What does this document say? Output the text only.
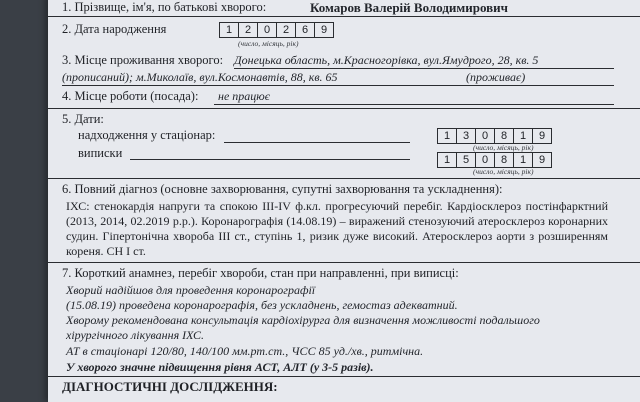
1. Прізвище, ім'я, по батькові хворого:	Комаров Валерій Володимирович
2. Дата народження	1	2	0	2	6	9
(число, місяць, рік)
3. Місце проживання хворого: Донецька область, м.Красногорівка, вул.Ямудрого, 28, кв. 5
(прописаний); м.Миколаїв, вул.Космонавтів, 88, кв. 65	(проживає)
4. Місце роботи (посада): не працює
5. Дати:
надходження у стаціонар:	1	3	0	8	1	9
(число, місяць, рік)
виписки	1	5	0	8	1	9
(число, місяць, рік)
6. Повний діагноз (основне захворювання, супутні захворювання та ускладнення):
ІХС: стенокардія напруги та спокою ІІІ-IV ф.кл. прогресуючий перебіг. Кардіосклероз постінфарктний (2013, 2014, 02.2019 р.р.). Коронарографія (14.08.19) – виражений стенозуючий атеросклероз коронарних судин. Гіпертонічна хвороба ІІІ ст., ступінь 1, ризик дуже високий. Атеросклероз аорти з розширенням кореня. СН І ст.
7. Короткий анамнез, перебіг хвороби, стан при направленні, при виписці:
Хворий надійшов для проведення коронарографії
(15.08.19) проведена коронарографія, без ускладнень, гемостаз адекватний.
Хворому рекомендована консультація кардіохірурга для визначення можливості подальшого
хірургічного лікування ІХС.
АТ в стаціонарі 120/80, 140/100 мм.рт.ст., ЧСС 85 уд./хв., ритмічна.
У хворого значне підвищення рівня АСТ, АЛТ (у 3-5 разів).
ДІАГНОСТИЧНІ ДОСЛІДЖЕННЯ:
